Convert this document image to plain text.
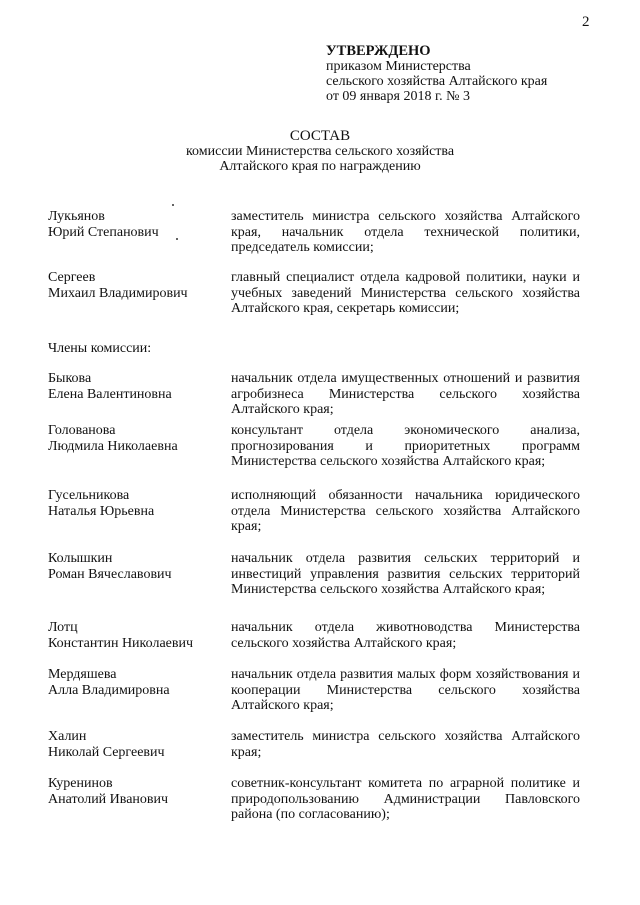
2
УТВЕРЖДЕНО
приказом Министерства
сельского хозяйства Алтайского края
от 09 января 2018 г. № 3
СОСТАВ
комиссии Министерства сельского хозяйства
Алтайского края по награждению
Лукьянов
Юрий Степанович
заместитель министра сельского хозяйства Алтайского края, начальник отдела технической политики, председатель комиссии;
Сергеев
Михаил Владимирович
главный специалист отдела кадровой политики, науки и учебных заведений Министерства сельского хозяйства Алтайского края, секретарь комиссии;
Члены комиссии:
Быкова
Елена Валентиновна
начальник отдела имущественных отношений и развития агробизнеса Министерства сельского хозяйства Алтайского края;
Голованова
Людмила Николаевна
консультант отдела экономического анализа, прогнозирования и приоритетных программ Министерства сельского хозяйства Алтайского края;
Гусельникова
Наталья Юрьевна
исполняющий обязанности начальника юридического отдела Министерства сельского хозяйства Алтайского края;
Колышкин
Роман Вячеславович
начальник отдела развития сельских территорий и инвестиций управления развития сельских территорий Министерства сельского хозяйства Алтайского края;
Лотц
Константин Николаевич
начальник отдела животноводства Министерства сельского хозяйства Алтайского края;
Мердяшева
Алла Владимировна
начальник отдела развития малых форм хозяйствования и кооперации Министерства сельского хозяйства Алтайского края;
Халин
Николай Сергеевич
заместитель министра сельского хозяйства Алтайского края;
Куренинов
Анатолий Иванович
советник-консультант комитета по аграрной политике и природопользованию Администрации Павловского района (по согласованию);
